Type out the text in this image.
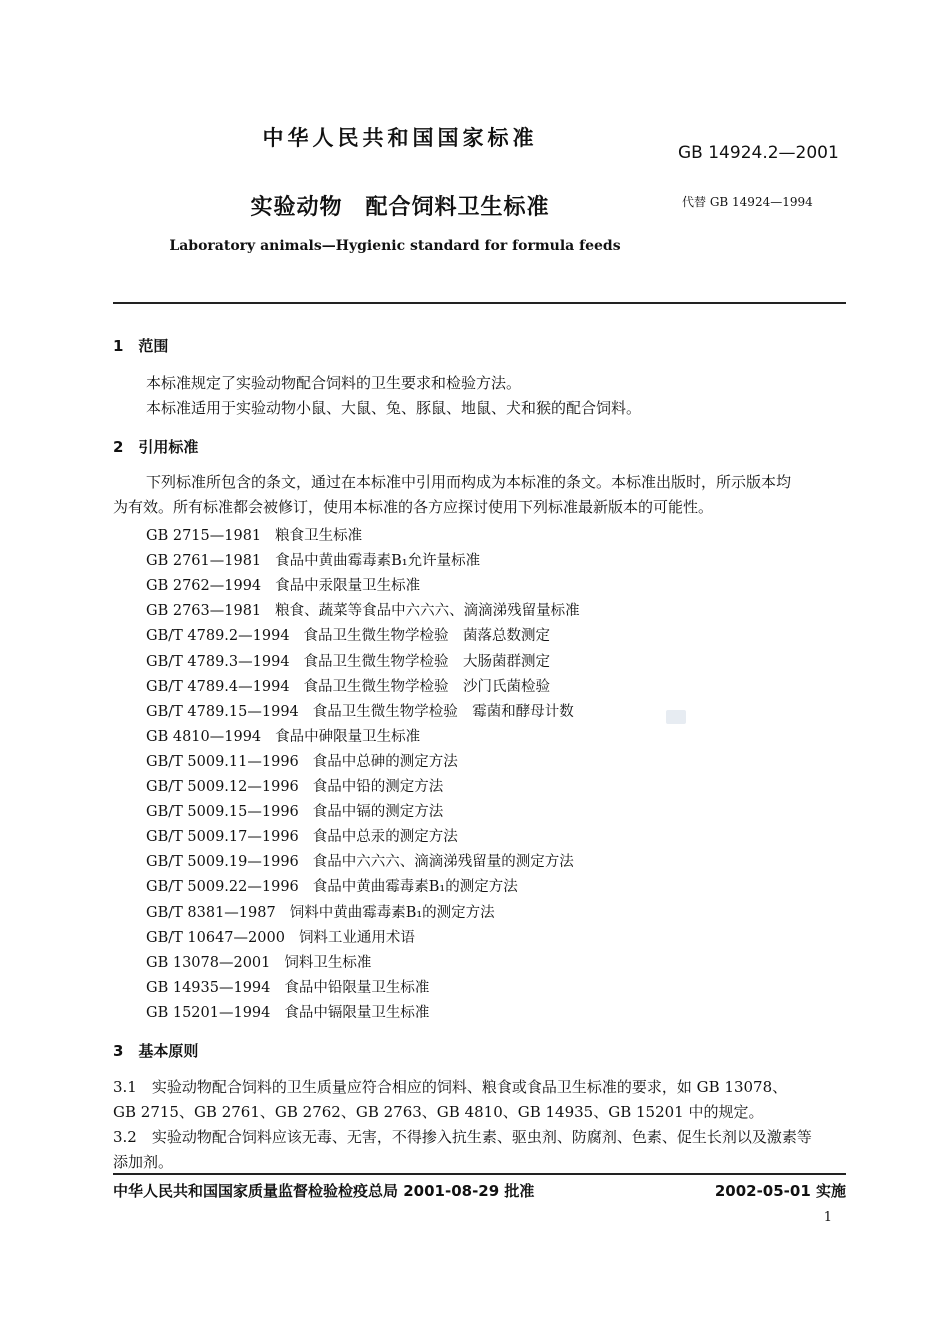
中华人民共和国国家标准
GB 14924.2—2001
实验动物　配合饲料卫生标准	代替 GB 14924—1994
Laboratory animals—Hygienic standard for formula feeds
1　范围
本标准规定了实验动物配合饲料的卫生要求和检验方法。
本标准适用于实验动物小鼠、大鼠、兔、豚鼠、地鼠、犬和猴的配合饲料。
2　引用标准
下列标准所包含的条文，通过在本标准中引用而构成为本标准的条文。本标准出版时，所示版本均
为有效。所有标准都会被修订，使用本标准的各方应探讨使用下列标准最新版本的可能性。
GB 2715—1981 粮食卫生标准
GB 2761—1981 食品中黄曲霉毒素B₁允许量标准
GB 2762—1994 食品中汞限量卫生标准
GB 2763—1981 粮食、蔬菜等食品中六六六、滴滴涕残留量标准
GB/T 4789.2—1994 食品卫生微生物学检验　菌落总数测定
GB/T 4789.3—1994 食品卫生微生物学检验　大肠菌群测定
GB/T 4789.4—1994 食品卫生微生物学检验　沙门氏菌检验
GB/T 4789.15—1994 食品卫生微生物学检验　霉菌和酵母计数
GB 4810—1994 食品中砷限量卫生标准
GB/T 5009.11—1996 食品中总砷的测定方法
GB/T 5009.12—1996 食品中铅的测定方法
GB/T 5009.15—1996 食品中镉的测定方法
GB/T 5009.17—1996 食品中总汞的测定方法
GB/T 5009.19—1996 食品中六六六、滴滴涕残留量的测定方法
GB/T 5009.22—1996 食品中黄曲霉毒素B₁的测定方法
GB/T 8381—1987 饲料中黄曲霉毒素B₁的测定方法
GB/T 10647—2000 饲料工业通用术语
GB 13078—2001 饲料卫生标准
GB 14935—1994 食品中铅限量卫生标准
GB 15201—1994 食品中镉限量卫生标准
3　基本原则
3.1　实验动物配合饲料的卫生质量应符合相应的饲料、粮食或食品卫生标准的要求，如 GB 13078、
GB 2715、GB 2761、GB 2762、GB 2763、GB 4810、GB 14935、GB 15201 中的规定。
3.2　实验动物配合饲料应该无毒、无害，不得掺入抗生素、驱虫剂、防腐剂、色素、促生长剂以及激素等
添加剂。
中华人民共和国国家质量监督检验检疫总局 2001-08-29 批准	2002-05-01 实施
1
